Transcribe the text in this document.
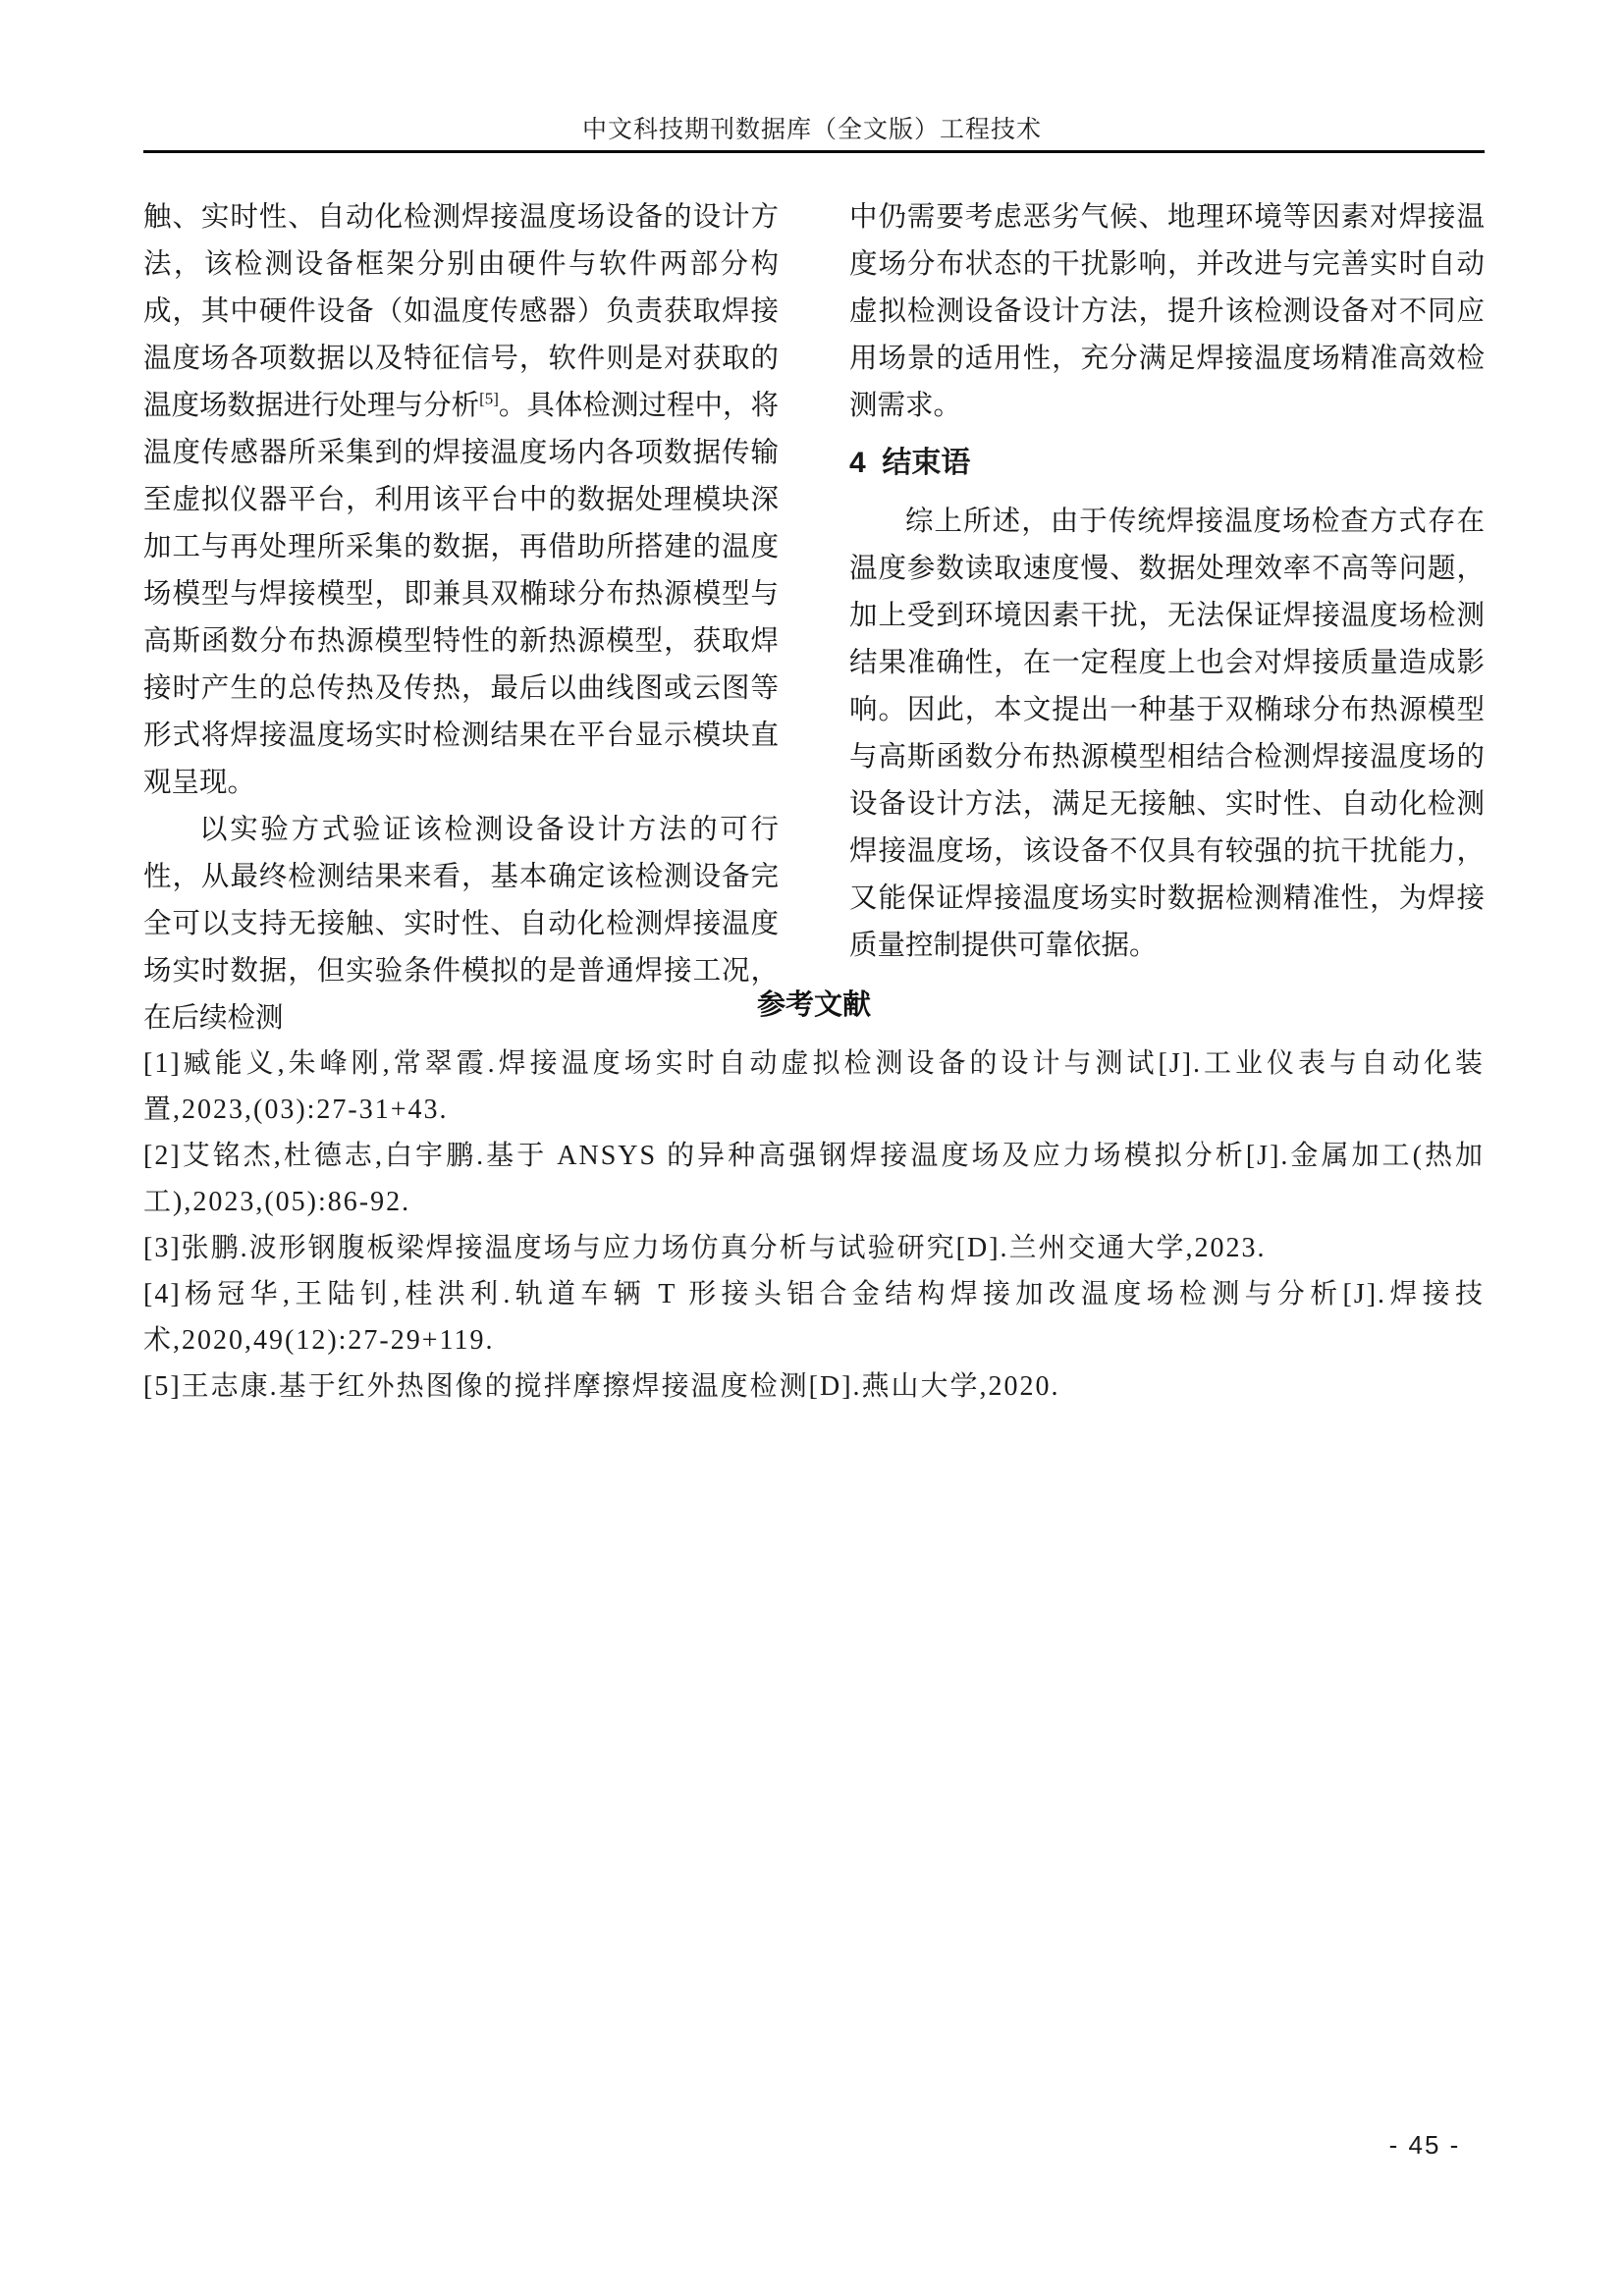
中文科技期刊数据库（全文版）工程技术

触、实时性、自动化检测焊接温度场设备的设计方法，该检测设备框架分别由硬件与软件两部分构成，其中硬件设备（如温度传感器）负责获取焊接温度场各项数据以及特征信号，软件则是对获取的温度场数据进行处理与分析[5]。具体检测过程中，将温度传感器所采集到的焊接温度场内各项数据传输至虚拟仪器平台，利用该平台中的数据处理模块深加工与再处理所采集的数据，再借助所搭建的温度场模型与焊接模型，即兼具双椭球分布热源模型与高斯函数分布热源模型特性的新热源模型，获取焊接时产生的总传热及传热，最后以曲线图或云图等形式将焊接温度场实时检测结果在平台显示模块直观呈现。

以实验方式验证该检测设备设计方法的可行性，从最终检测结果来看，基本确定该检测设备完全可以支持无接触、实时性、自动化检测焊接温度场实时数据，但实验条件模拟的是普通焊接工况，在后续检测

中仍需要考虑恶劣气候、地理环境等因素对焊接温度场分布状态的干扰影响，并改进与完善实时自动虚拟检测设备设计方法，提升该检测设备对不同应用场景的适用性，充分满足焊接温度场精准高效检测需求。

4  结束语

综上所述，由于传统焊接温度场检查方式存在温度参数读取速度慢、数据处理效率不高等问题，加上受到环境因素干扰，无法保证焊接温度场检测结果准确性，在一定程度上也会对焊接质量造成影响。因此，本文提出一种基于双椭球分布热源模型与高斯函数分布热源模型相结合检测焊接温度场的设备设计方法，满足无接触、实时性、自动化检测焊接温度场，该设备不仅具有较强的抗干扰能力，又能保证焊接温度场实时数据检测精准性，为焊接质量控制提供可靠依据。

参考文献

[1]臧能义,朱峰刚,常翠霞.焊接温度场实时自动虚拟检测设备的设计与测试[J].工业仪表与自动化装置,2023,(03):27-31+43.

[2]艾铭杰,杜德志,白宇鹏.基于 ANSYS 的异种高强钢焊接温度场及应力场模拟分析[J].金属加工(热加工),2023,(05):86-92.

[3]张鹏.波形钢腹板梁焊接温度场与应力场仿真分析与试验研究[D].兰州交通大学,2023.

[4]杨冠华,王陆钊,桂洪利.轨道车辆 T 形接头铝合金结构焊接加改温度场检测与分析[J].焊接技术,2020,49(12):27-29+119.

[5]王志康.基于红外热图像的搅拌摩擦焊接温度检测[D].燕山大学,2020.

- 45 -
